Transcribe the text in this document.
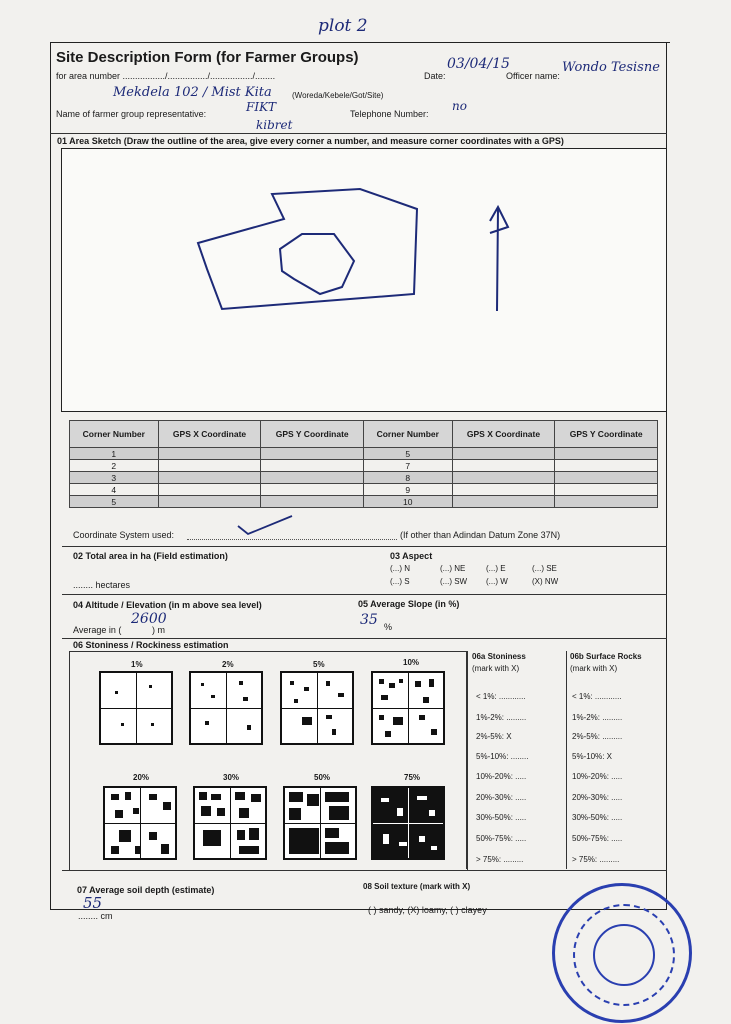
plot 2
Site Description Form (for Farmer Groups)
for area number ................./................/................./........	Date:
03/04/15
Officer name:
Wondo Tesisne
Mekdela 102 / Mist Kita	(Woreda/Kebele/Got/Site)
Name of farmer group representative:	FIKT
kibret
Telephone Number:
no
01 Area Sketch (Draw the outline of the area, give every corner a number, and measure corner coordinates with a GPS)
Corner Number	GPS X Coordinate	GPS Y Coordinate	Corner Number	GPS X Coordinate	GPS Y Coordinate
1			5		
2			7		
3			8		
4			9		
5			10		
Coordinate System used:	(If other than Adindan Datum Zone 37N)
02 Total area in ha (Field estimation)
........ hectares
03 Aspect
(...) N	(...) NE	(...) E	(...) SE
(...) S	(...) SW (...) W	(X) NW
04 Altitude / Elevation (in m above sea level)
Average in (
2600
) m
05 Average Slope (in %)
35 %
06 Stoniness / Rockiness estimation
1%	2%	5%	10%
20%	30%	50%	75%
06a Stoniness
(mark with X)
06b Surface Rocks
(mark with X)
< 1%: ............
1%-2%: .........
2%-5%: X
5%-10%: ........
10%-20%: .....
20%-30%: .....
30%-50%: .....
50%-75%: .....
> 75%: .........
< 1%: ............
1%-2%: .........
2%-5%: .........
5%-10%: X
10%-20%: .....
20%-30%: .....
30%-50%: .....
50%-75%: .....
> 75%: .........
07 Average soil depth (estimate)
55
........ cm
08 Soil texture (mark with X)
( ) sandy, (X) loamy, ( ) clayey
